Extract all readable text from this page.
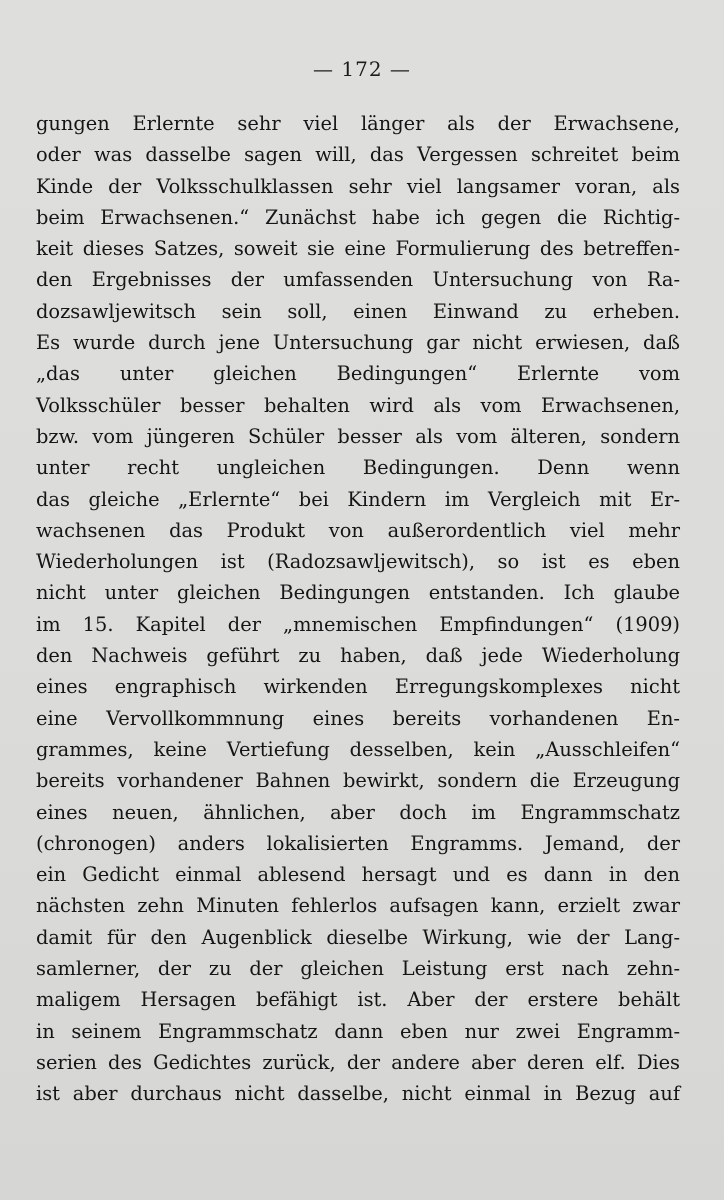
— 172 —
gungen Erlernte sehr viel länger als der Erwachsene,
oder was dasselbe sagen will, das Vergessen schreitet beim
Kinde der Volksschulklassen sehr viel langsamer voran, als
beim Erwachsenen.“ Zunächst habe ich gegen die Richtig-
keit dieses Satzes, soweit sie eine Formulierung des betreffen-
den Ergebnisses der umfassenden Untersuchung von Ra-
dozsawljewitsch sein soll, einen Einwand zu erheben.
Es wurde durch jene Untersuchung gar nicht erwiesen, daß
„das unter gleichen Bedingungen“ Erlernte vom
Volksschüler besser behalten wird als vom Erwachsenen,
bzw. vom jüngeren Schüler besser als vom älteren, sondern
unter recht ungleichen Bedingungen. Denn wenn
das gleiche „Erlernte“ bei Kindern im Vergleich mit Er-
wachsenen das Produkt von außerordentlich viel mehr
Wiederholungen ist (Radozsawljewitsch), so ist es eben
nicht unter gleichen Bedingungen entstanden. Ich glaube
im 15. Kapitel der „mnemischen Empfindungen“ (1909)
den Nachweis geführt zu haben, daß jede Wiederholung
eines engraphisch wirkenden Erregungskomplexes nicht
eine Vervollkommnung eines bereits vorhandenen En-
grammes, keine Vertiefung desselben, kein „Ausschleifen“
bereits vorhandener Bahnen bewirkt, sondern die Erzeugung
eines neuen, ähnlichen, aber doch im Engrammschatz
(chronogen) anders lokalisierten Engramms. Jemand, der
ein Gedicht einmal ablesend hersagt und es dann in den
nächsten zehn Minuten fehlerlos aufsagen kann, erzielt zwar
damit für den Augenblick dieselbe Wirkung, wie der Lang-
samlerner, der zu der gleichen Leistung erst nach zehn-
maligem Hersagen befähigt ist. Aber der erstere behält
in seinem Engrammschatz dann eben nur zwei Engramm-
serien des Gedichtes zurück, der andere aber deren elf. Dies
ist aber durchaus nicht dasselbe, nicht einmal in Bezug auf
